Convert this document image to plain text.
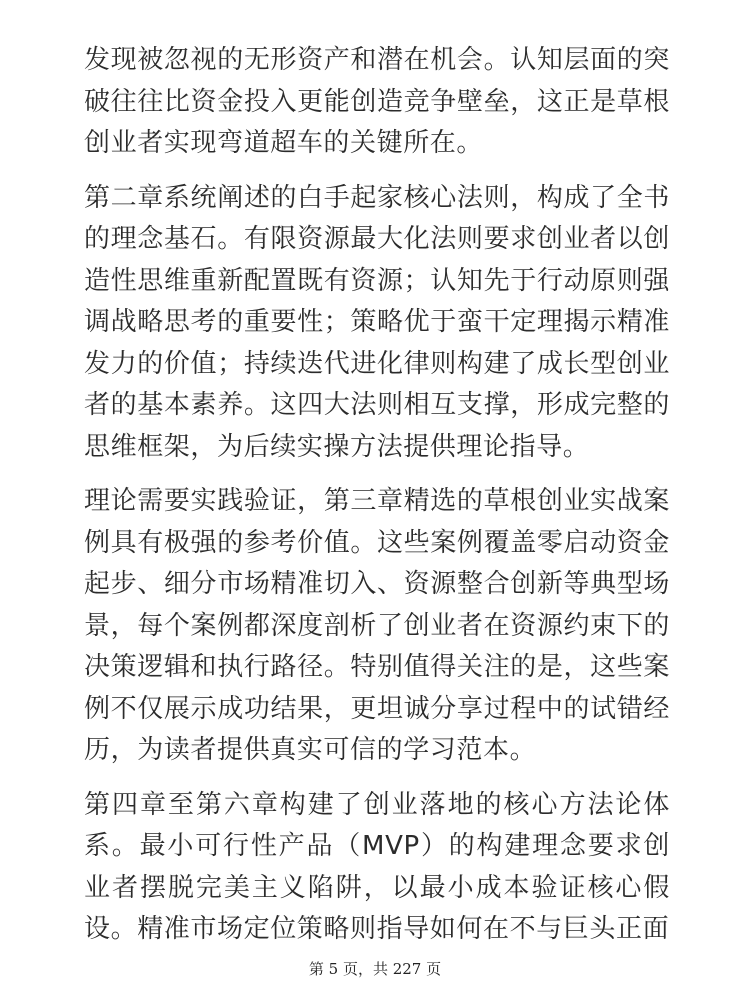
发现被忽视的无形资产和潜在机会。认知层面的突破往往比资金投入更能创造竞争壁垒，这正是草根创业者实现弯道超车的关键所在。

第二章系统阐述的白手起家核心法则，构成了全书的理念基石。有限资源最大化法则要求创业者以创造性思维重新配置既有资源；认知先于行动原则强调战略思考的重要性；策略优于蛮干定理揭示精准发力的价值；持续迭代进化律则构建了成长型创业者的基本素养。这四大法则相互支撑，形成完整的思维框架，为后续实操方法提供理论指导。

理论需要实践验证，第三章精选的草根创业实战案例具有极强的参考价值。这些案例覆盖零启动资金起步、细分市场精准切入、资源整合创新等典型场景，每个案例都深度剖析了创业者在资源约束下的决策逻辑和执行路径。特别值得关注的是，这些案例不仅展示成功结果，更坦诚分享过程中的试错经历，为读者提供真实可信的学习范本。

第四章至第六章构建了创业落地的核心方法论体系。最小可行性产品（MVP）的构建理念要求创业者摆脱完美主义陷阱，以最小成本验证核心假设。精准市场定位策略则指导如何在不与巨头正面

第 5 页，共 227 页
